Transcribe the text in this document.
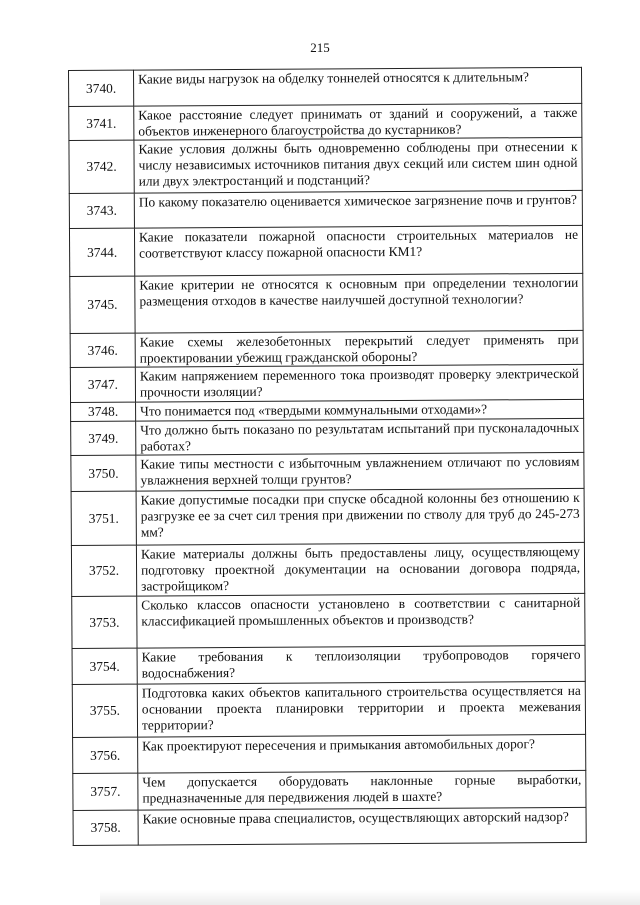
215
3740.	Какие виды нагрузок на обделку тоннелей относятся к длительным?
3741.	Какое расстояние следует принимать от зданий и сооружений, а также объектов инженерного благоустройства до кустарников?
3742.	Какие условия должны быть одновременно соблюдены при отнесении к числу независимых источников питания двух секций или систем шин одной или двух электростанций и подстанций?
3743.	По какому показателю оценивается химическое загрязнение почв и грунтов?
3744.	Какие показатели пожарной опасности строительных материалов не соответствуют классу пожарной опасности КМ1?
3745.	Какие критерии не относятся к основным при определении технологии размещения отходов в качестве наилучшей доступной технологии?
3746.	Какие схемы железобетонных перекрытий следует применять при проектировании убежищ гражданской обороны?
3747.	Каким напряжением переменного тока производят проверку электрической прочности изоляции?
3748.	Что понимается под «твердыми коммунальными отходами»?
3749.	Что должно быть показано по результатам испытаний при пусконаладочных работах?
3750.	Какие типы местности с избыточным увлажнением отличают по условиям увлажнения верхней толщи грунтов?
3751.	Какие допустимые посадки при спуске обсадной колонны без отношению к разгрузке ее за счет сил трения при движении по стволу для труб до 245-273 мм?
3752.	Какие материалы должны быть предоставлены лицу, осуществляющему подготовку проектной документации на основании договора подряда, застройщиком?
3753.	Сколько классов опасности установлено в соответствии с санитарной классификацией промышленных объектов и производств?
3754.	Какие требования к теплоизоляции трубопроводов горячего водоснабжения?
3755.	Подготовка каких объектов капитального строительства осуществляется на основании проекта планировки территории и проекта межевания территории?
3756.	Как проектируют пересечения и примыкания автомобильных дорог?
3757.	Чем допускается оборудовать наклонные горные выработки, предназначенные для передвижения людей в шахте?
3758.	Какие основные права специалистов, осуществляющих авторский надзор?
